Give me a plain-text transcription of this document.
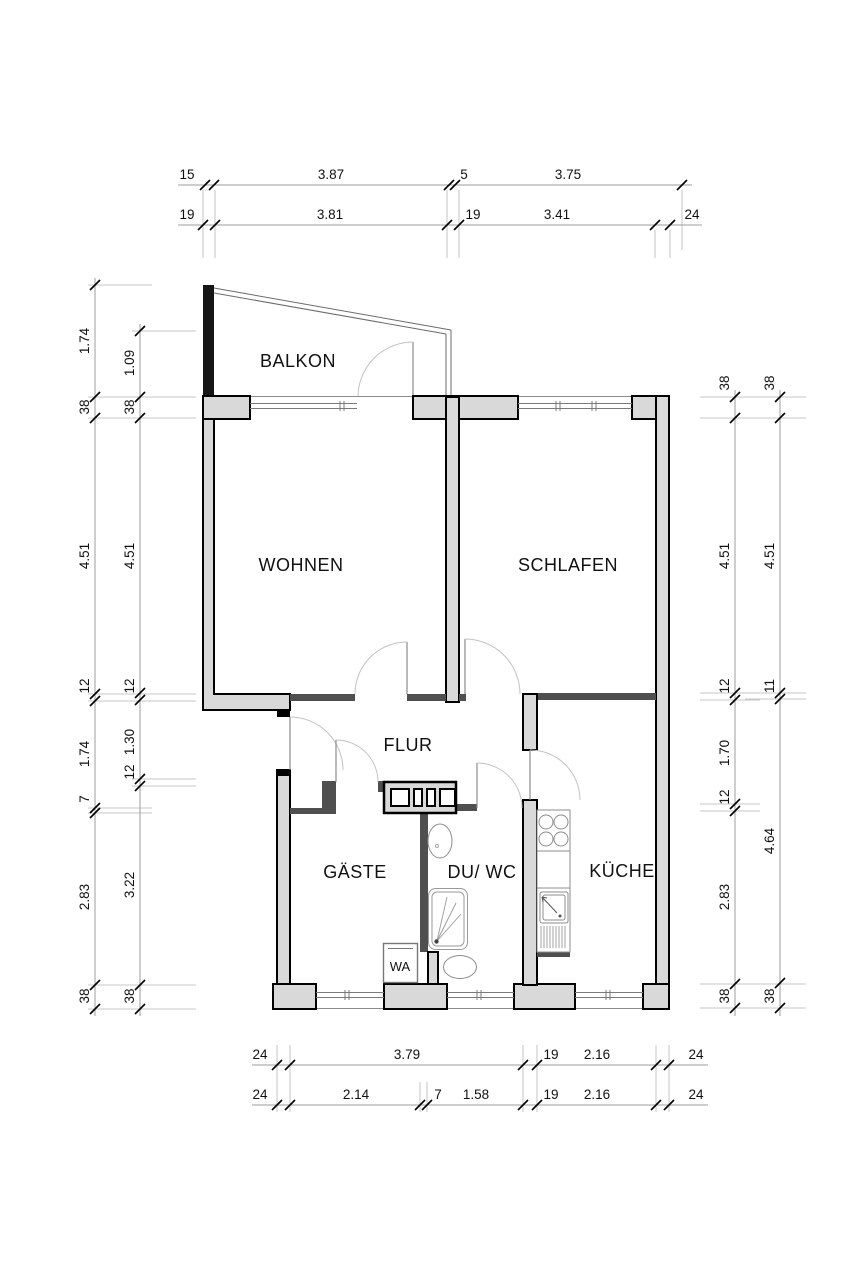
WA
BALKON
WOHNEN	SCHLAFEN
FLUR
GÄSTE	DU/ WC	KÜCHE
15	3.87	5	3.75
19	3.81	19	3.41	24
1.74
38
4.51
12
1.74
7
2.83
38
1.09
38
4.51
12
1.30
12
3.22
38
38
4.51
12
1.70
12
2.83
38
38
4.51
11
4.64
38
24	3.79	19 2.16	24
24	2.14	7 1.58	19 2.16	24
